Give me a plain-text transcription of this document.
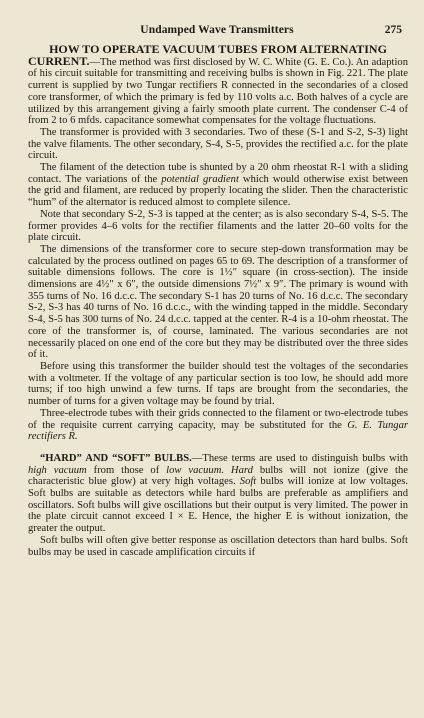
Undamped Wave Transmitters	275

HOW TO OPERATE VACUUM TUBES FROM ALTERNATING
CURRENT.—The method was first disclosed by W. C. White (G. E. Co.). An adaption of his circuit suitable for transmitting and receiving bulbs is shown in Fig. 221. The plate current is supplied by two Tungar rectifiers R connected in the secondaries of a closed core transformer, of which the primary is fed by 110 volts a.c. Both halves of a cycle are utilized by this arrangement giving a fairly smooth plate current. The condenser C-4 of from 2 to 6 mfds. capacitance somewhat compensates for the voltage fluctuations.

The transformer is provided with 3 secondaries. Two of these (S-1 and S-2, S-3) light the valve filaments. The other secondary, S-4, S-5, provides the rectified a.c. for the plate circuit.

The filament of the detection tube is shunted by a 20 ohm rheostat R-1 with a sliding contact. The variations of the potential gradient which would otherwise exist between the grid and filament, are reduced by properly locating the slider. Then the characteristic “hum” of the alternator is reduced almost to complete silence.

Note that secondary S-2, S-3 is tapped at the center; as is also secondary S-4, S-5. The former provides 4–6 volts for the rectifier filaments and the latter 20–60 volts for the plate circuit.

The dimensions of the transformer core to secure step-down transformation may be calculated by the process outlined on pages 65 to 69. The description of a transformer of suitable dimensions follows. The core is 1½″ square (in cross-section). The inside dimensions are 4½″ x 6″, the outside dimensions 7½″ x 9″. The primary is wound with 355 turns of No. 16 d.c.c. The secondary S-1 has 20 turns of No. 16 d.c.c. The secondary S-2, S-3 has 40 turns of No. 16 d.c.c., with the winding tapped in the middle. Secondary S-4, S-5 has 300 turns of No. 24 d.c.c. tapped at the center. R-4 is a 10-ohm rheostat. The core of the transformer is, of course, laminated. The various secondaries are not necessarily placed on one end of the core but they may be distributed over the three sides of it.

Before using this transformer the builder should test the voltages of the secondaries with a voltmeter. If the voltage of any particular section is too low, he should add more turns; if too high unwind a few turns. If taps are brought from the secondaries, the number of turns for a given voltage may be found by trial.

Three-electrode tubes with their grids connected to the filament or two-electrode tubes of the requisite current carrying capacity, may be substituted for the G. E. Tungar rectifiers R.

“HARD” AND “SOFT” BULBS.—These terms are used to distinguish bulbs with high vacuum from those of low vacuum. Hard bulbs will not ionize (give the characteristic blue glow) at very high voltages. Soft bulbs will ionize at low voltages. Soft bulbs are suitable as detectors while hard bulbs are preferable as amplifiers and oscillators. Soft bulbs will give oscillations but their output is very limited. The power in the plate circuit cannot exceed I × E. Hence, the higher E is without ionization, the greater the output.

Soft bulbs will often give better response as oscillation detectors than hard bulbs. Soft bulbs may be used in cascade amplification circuits if
